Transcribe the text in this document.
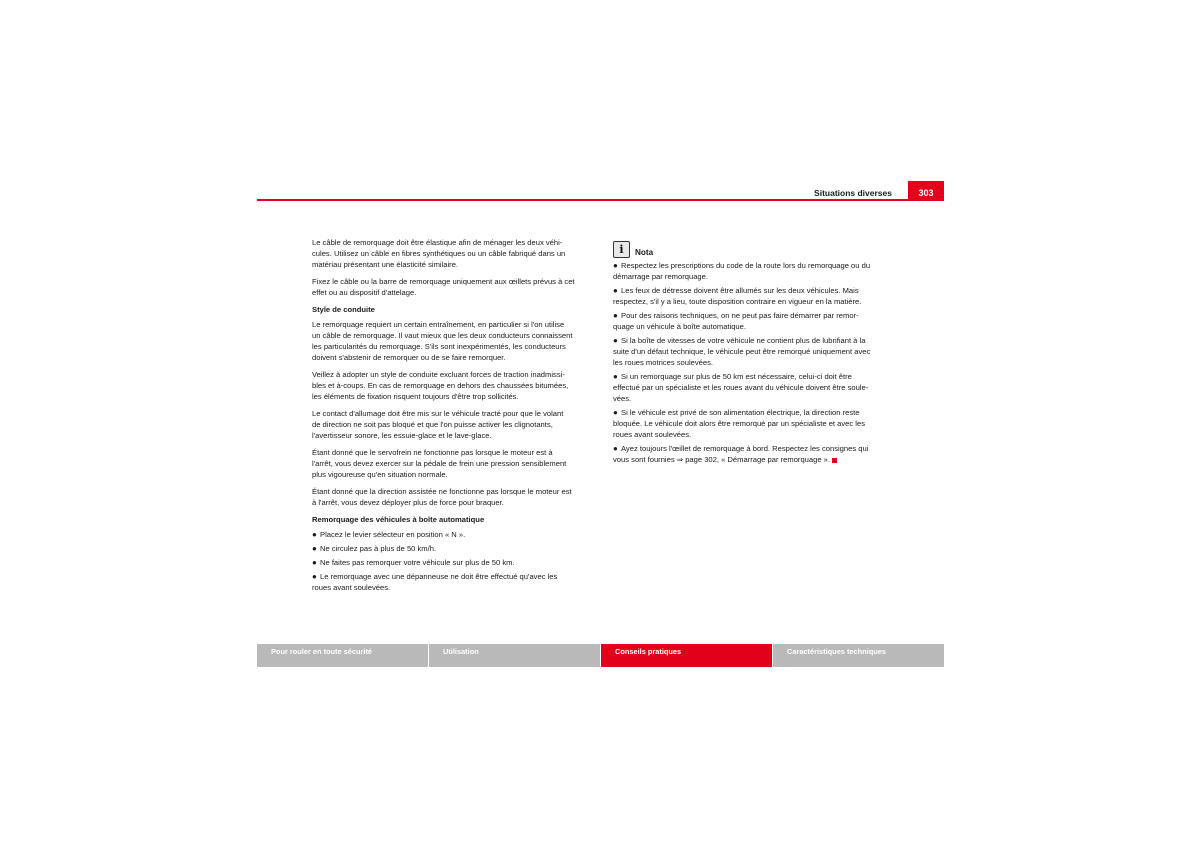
Situations diverses	303

Le câble de remorquage doit être élastique afin de ménager les deux véhi-
cules. Utilisez un câble en fibres synthétiques ou un câble fabriqué dans un
matériau présentant une élasticité similaire.

Fixez le câble ou la barre de remorquage uniquement aux œillets prévus à cet
effet ou au dispositif d'attelage.

Style de conduite

Le remorquage requiert un certain entraînement, en particulier si l'on utilise
un câble de remorquage. Il vaut mieux que les deux conducteurs connaissent
les particularités du remorquage. S'ils sont inexpérimentés, les conducteurs
doivent s'abstenir de remorquer ou de se faire remorquer.

Veillez à adopter un style de conduite excluant forces de traction inadmissi-
bles et à-coups. En cas de remorquage en dehors des chaussées bitumées,
les éléments de fixation risquent toujours d'être trop sollicités.

Le contact d'allumage doit être mis sur le véhicule tracté pour que le volant
de direction ne soit pas bloqué et que l'on puisse activer les clignotants,
l'avertisseur sonore, les essuie-glace et le lave-glace.

Étant donné que le servofrein ne fonctionne pas lorsque le moteur est à
l'arrêt, vous devez exercer sur la pédale de frein une pression sensiblement
plus vigoureuse qu'en situation normale.

Étant donné que la direction assistée ne fonctionne pas lorsque le moteur est
à l'arrêt, vous devez déployer plus de force pour braquer.

Remorquage des véhicules à boîte automatique
● Placez le levier sélecteur en position « N ».
● Ne circulez pas à plus de 50 km/h.
● Ne faites pas remorquer votre véhicule sur plus de 50 km.
● Le remorquage avec une dépanneuse ne doit être effectué qu'avec les
roues avant soulevées.
i	Nota
● Respectez les prescriptions du code de la route lors du remorquage ou du
démarrage par remorquage.
● Les feux de détresse doivent être allumés sur les deux véhicules. Mais
respectez, s'il y a lieu, toute disposition contraire en vigueur en la matière.
● Pour des raisons techniques, on ne peut pas faire démarrer par remor-
quage un véhicule à boîte automatique.
● Si la boîte de vitesses de votre véhicule ne contient plus de lubrifiant à la
suite d'un défaut technique, le véhicule peut être remorqué uniquement avec
les roues motrices soulevées.
● Si un remorquage sur plus de 50 km est nécessaire, celui-ci doit être
effectué par un spécialiste et les roues avant du véhicule doivent être soule-
vées.
● Si le véhicule est privé de son alimentation électrique, la direction reste
bloquée. Le véhicule doit alors être remorqué par un spécialiste et avec les
roues avant soulevées.
● Ayez toujours l'œillet de remorquage à bord. Respectez les consignes qui
vous sont fournies ⇒ page 302, « Démarrage par remorquage ».
Pour rouler en toute sécurité	Utilisation	Conseils pratiques	Caractéristiques techniques
